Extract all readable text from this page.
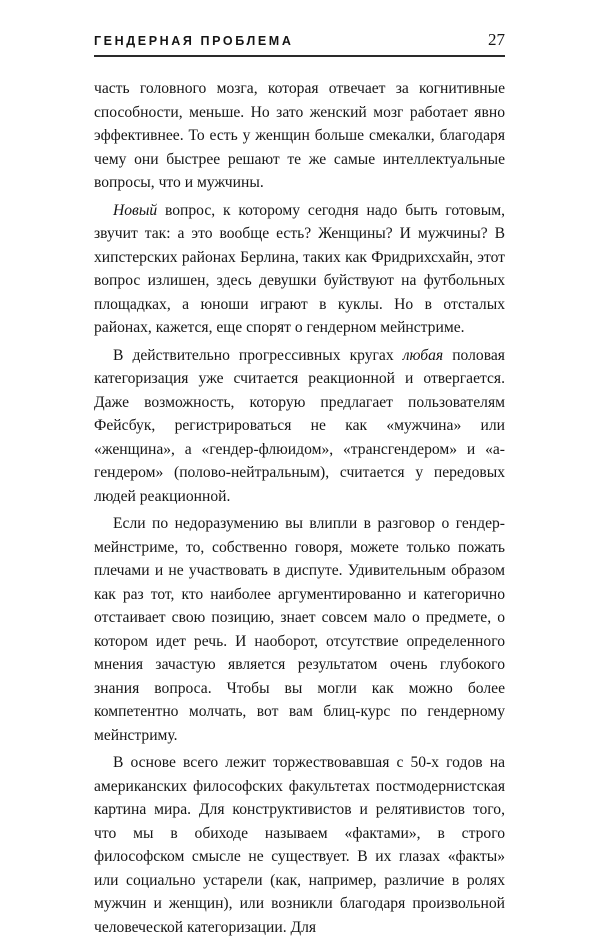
ГЕНДЕРНАЯ ПРОБЛЕМА	27

часть головного мозга, которая отвечает за когнитивные способности, меньше. Но зато женский мозг работает явно эффективнее. То есть у женщин больше смекалки, благодаря чему они быстрее решают те же самые интеллектуальные вопросы, что и мужчины.

Новый вопрос, к которому сегодня надо быть готовым, звучит так: а это вообще есть? Женщины? И мужчины? В хипстерских районах Берлина, таких как Фридрихсхайн, этот вопрос излишен, здесь девушки буйствуют на футбольных площадках, а юноши играют в куклы. Но в отсталых районах, кажется, еще спорят о гендерном мейнстриме.

В действительно прогрессивных кругах любая половая категоризация уже считается реакционной и отвергается. Даже возможность, которую предлагает пользователям Фейсбук, регистрироваться не как «мужчина» или «женщина», а «гендер-флюидом», «трансгендером» и «а-гендером» (полово-нейтральным), считается у передовых людей реакционной.

Если по недоразумению вы влипли в разговор о гендер-мейнстриме, то, собственно говоря, можете только пожать плечами и не участвовать в диспуте. Удивительным образом как раз тот, кто наиболее аргументированно и категорично отстаивает свою позицию, знает совсем мало о предмете, о котором идет речь. И наоборот, отсутствие определенного мнения зачастую является результатом очень глубокого знания вопроса. Чтобы вы могли как можно более компетентно молчать, вот вам блиц-курс по гендерному мейнстриму.

В основе всего лежит торжествовавшая с 50-х годов на американских философских факультетах постмодернистская картина мира. Для конструктивистов и релятивистов того, что мы в обиходе называем «фактами», в строго философском смысле не существует. В их глазах «факты» или социально устарели (как, например, различие в ролях мужчин и женщин), или возникли благодаря произвольной человеческой категоризации. Для
